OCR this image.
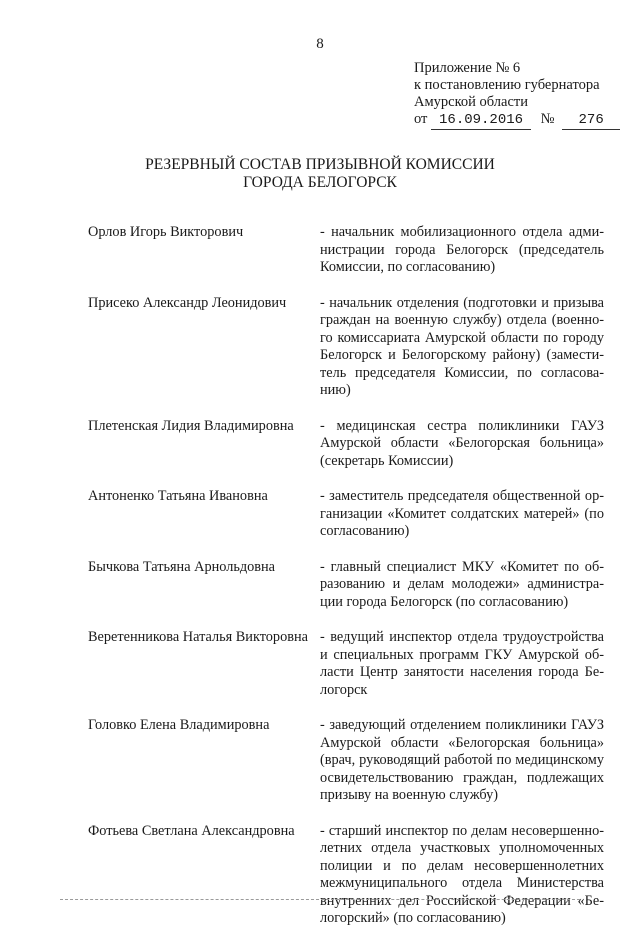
8
Приложение № 6
к постановлению губернатора
Амурской области
от 16.09.2016 № 276
РЕЗЕРВНЫЙ СОСТАВ ПРИЗЫВНОЙ КОМИССИИ
ГОРОДА БЕЛОГОРСК
Орлов Игорь Викторович	- начальник мобилизационного отдела администрации города Белогорск (председатель Комиссии, по согласованию)
Присеко Александр Леонидович	- начальник отделения (подготовки и призыва граждан на военную службу) отдела (военного комиссариата Амурской области по городу Белогорск и Белогорскому району) (заместитель председателя Комиссии, по согласованию)
Плетенская Лидия Владимировна	- медицинская сестра поликлиники ГАУЗ Амурской области «Белогорская больница» (секретарь Комиссии)
Антоненко Татьяна Ивановна	- заместитель председателя общественной организации «Комитет солдатских матерей» (по согласованию)
Бычкова Татьяна Арнольдовна	- главный специалист МКУ «Комитет по образованию и делам молодежи» администрации города Белогорск (по согласованию)
Веретенникова Наталья Викторовна - ведущий инспектор отдела трудоустройства и специальных программ ГКУ Амурской области Центр занятости населения города Белогорск
Головко Елена Владимировна	- заведующий отделением поликлиники ГАУЗ Амурской области «Белогорская больница» (врач, руководящий работой по медицинскому освидетельствованию граждан, подлежащих призыву на военную службу)
Фотьева Светлана Александровна	- старший инспектор по делам несовершеннолетних отдела участковых уполномоченных полиции и по делам несовершеннолетних межмуниципального отдела Министерства внутренних дел Российской Федерации «Белогорский» (по согласованию)
